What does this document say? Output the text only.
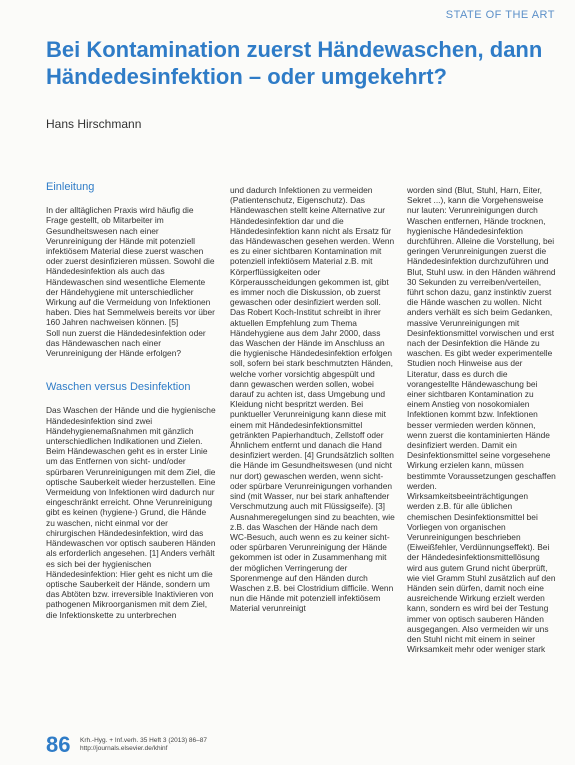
STATE OF THE ART
Bei Kontamination zuerst Händewaschen, dann Händedesinfektion – oder umgekehrt?
Hans Hirschmann
Einleitung

In der alltäglichen Praxis wird häufig die Frage gestellt, ob Mitarbeiter im Gesundheitswesen nach einer Verunreinigung der Hände mit potenziell infektiösem Material diese zuerst waschen oder zuerst desinfizieren müssen. Sowohl die Händedesinfektion als auch das Händewaschen sind wesentliche Elemente der Händehygiene mit unterschiedlicher Wirkung auf die Vermeidung von Infektionen haben. Dies hat Semmelweis bereits vor über 160 Jahren nachweisen können. [5]

Soll nun zuerst die Händedesinfektion oder das Händewaschen nach einer Verunreinigung der Hände erfolgen?

Waschen versus Desinfektion

Das Waschen der Hände und die hygienische Händedesinfektion sind zwei Händehygienemaßnahmen mit gänzlich unterschiedlichen Indikationen und Zielen. Beim Händewaschen geht es in erster Linie um das Entfernen von sicht- und/oder spürbaren Verunreinigungen mit dem Ziel, die optische Sauberkeit wieder herzustellen. Eine Vermeidung von Infektionen wird dadurch nur eingeschränkt erreicht. Ohne Verunreinigung gibt es keinen (hygiene-) Grund, die Hände zu waschen, nicht einmal vor der chirurgischen Händedesinfektion, wird das Händewaschen vor optisch sauberen Händen als erforderlich angesehen. [1] Anders verhält es sich bei der hygienischen Händedesinfektion: Hier geht es nicht um die optische Sauberkeit der Hände, sondern um das Abtöten bzw. irreversible Inaktivieren von pathogenen Mikroorganismen mit dem Ziel, die Infektionskette zu unterbrechen

und dadurch Infektionen zu vermeiden (Patientenschutz, Eigenschutz). Das Händewaschen stellt keine Alternative zur Händedesinfektion dar und die Händedesinfektion kann nicht als Ersatz für das Händewaschen gesehen werden. Wenn es zu einer sichtbaren Kontamination mit potenziell infektiösem Material z.B. mit Körperflüssigkeiten oder Körperausscheidungen gekommen ist, gibt es immer noch die Diskussion, ob zuerst gewaschen oder desinfiziert werden soll. Das Robert Koch-Institut schreibt in ihrer aktuellen Empfehlung zum Thema Händehygiene aus dem Jahr 2000, dass das Waschen der Hände im Anschluss an die hygienische Händedesinfektion erfolgen soll, sofern bei stark beschmutzten Händen, welche vorher vorsichtig abgespült und dann gewaschen werden sollen, wobei darauf zu achten ist, dass Umgebung und Kleidung nicht bespritzt werden. Bei punktueller Verunreinigung kann diese mit einem mit Händedesinfektionsmittel getränkten Papierhandtuch, Zellstoff oder Ähnlichem entfernt und danach die Hand desinfiziert werden. [4] Grundsätzlich sollten die Hände im Gesundheitswesen (und nicht nur dort) gewaschen werden, wenn sicht- oder spürbare Verunreinigungen vorhanden sind (mit Wasser, nur bei stark anhaftender Verschmutzung auch mit Flüssigseife). [3] Ausnahmeregelungen sind zu beachten, wie z.B. das Waschen der Hände nach dem WC-Besuch, auch wenn es zu keiner sicht- oder spürbaren Verunreinigung der Hände gekommen ist oder in Zusammenhang mit der möglichen Verringerung der Sporenmenge auf den Händen durch Waschen z.B. bei Clostridium difficile. Wenn nun die Hände mit potenziell infektiösem Material verunreinigt

worden sind (Blut, Stuhl, Harn, Eiter, Sekret ...), kann die Vorgehensweise nur lauten: Verunreinigungen durch Waschen entfernen, Hände trocknen, hygienische Händedesinfektion durchführen. Alleine die Vorstellung, bei geringen Verunreinigungen zuerst die Händedesinfektion durchzuführen und Blut, Stuhl usw. in den Händen während 30 Sekunden zu verreiben/verteilen, führt schon dazu, ganz instinktiv zuerst die Hände waschen zu wollen. Nicht anders verhält es sich beim Gedanken, massive Verunreinigungen mit Desinfektionsmittel vorwischen und erst nach der Desinfektion die Hände zu waschen. Es gibt weder experimentelle Studien noch Hinweise aus der Literatur, dass es durch die vorangestellte Händewaschung bei einer sichtbaren Kontamination zu einem Anstieg von nosokomialen Infektionen kommt bzw. Infektionen besser vermieden werden können, wenn zuerst die kontaminierten Hände desinfiziert werden. Damit ein Desinfektionsmittel seine vorgesehene Wirkung erzielen kann, müssen bestimmte Voraussetzungen geschaffen werden. Wirksamkeitsbeeinträchtigungen werden z.B. für alle üblichen chemischen Desinfektionsmittel bei Vorliegen von organischen Verunreinigungen beschrieben (Eiweißfehler, Verdünnungseffekt). Bei der Händedesinfektionsmittellösung wird aus gutem Grund nicht überprüft, wie viel Gramm Stuhl zusätzlich auf den Händen sein dürfen, damit noch eine ausreichende Wirkung erzielt werden kann, sondern es wird bei der Testung immer von optisch sauberen Händen ausgegangen. Also vermeiden wir uns den Stuhl nicht mit einem in seiner Wirksamkeit mehr oder weniger stark

86 Krh.-Hyg. + Inf.verh. 35 Heft 3 (2013) 86–87
http://journals.elsevier.de/khinf
